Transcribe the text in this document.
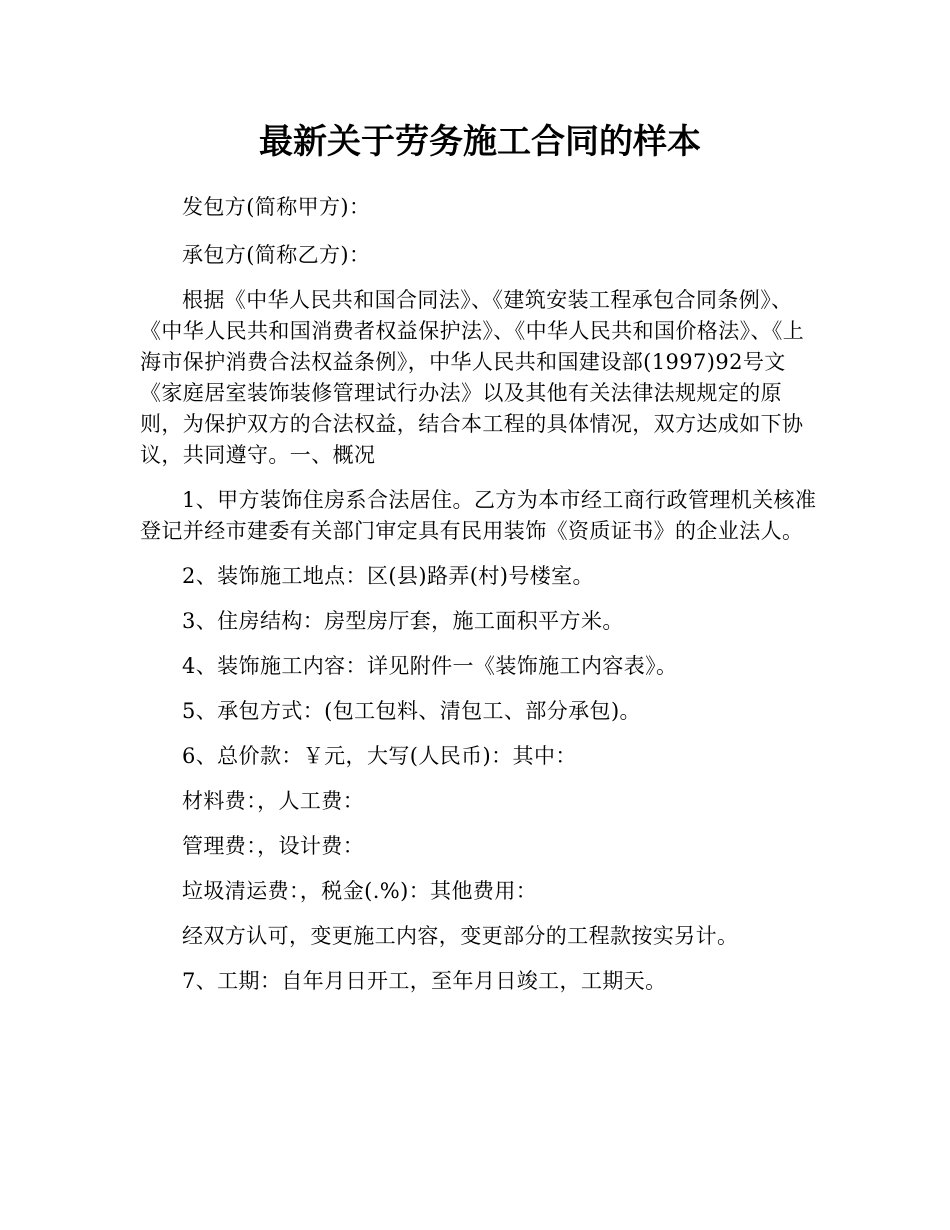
最新关于劳务施工合同的样本

发包方(简称甲方)：

承包方(简称乙方)：

根据《中华人民共和国合同法》、《建筑安装工程承包合同条例》、《中华人民共和国消费者权益保护法》、《中华人民共和国价格法》、《上海市保护消费合法权益条例》，中华人民共和国建设部(1997)92号文《家庭居室装饰装修管理试行办法》以及其他有关法律法规规定的原则，为保护双方的合法权益，结合本工程的具体情况，双方达成如下协议，共同遵守。一、概况

1、甲方装饰住房系合法居住。乙方为本市经工商行政管理机关核准登记并经市建委有关部门审定具有民用装饰《资质证书》的企业法人。

2、装饰施工地点：区(县)路弄(村)号楼室。

3、住房结构：房型房厅套，施工面积平方米。

4、装饰施工内容：详见附件一《装饰施工内容表》。

5、承包方式：(包工包料、清包工、部分承包)。

6、总价款：￥元，大写(人民币)：其中：

材料费：，人工费：

管理费：，设计费：

垃圾清运费：，税金(.%)：其他费用：

经双方认可，变更施工内容，变更部分的工程款按实另计。

7、工期：自年月日开工，至年月日竣工，工期天。
